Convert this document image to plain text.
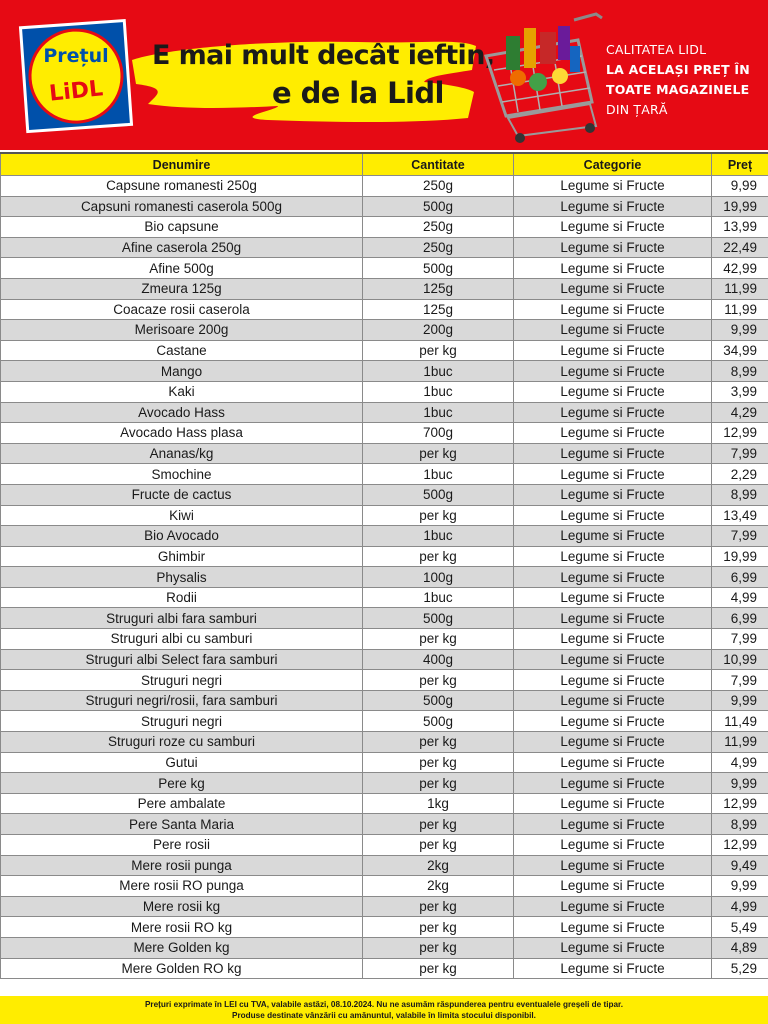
Prețul
LiDL
E mai mult decât ieftin,
e de la Lidl
CALITATEA LIDL
LA ACELAȘI PREȚ ÎN
TOATE MAGAZINELE
DIN ȚARĂ
Denumire	Cantitate	Categorie	Preț
Capsune romanesti 250g	250g	Legume si Fructe	9,99
Capsuni romanesti caserola 500g	500g	Legume si Fructe	19,99
Bio capsune	250g	Legume si Fructe	13,99
Afine caserola 250g	250g	Legume si Fructe	22,49
Afine 500g	500g	Legume si Fructe	42,99
Zmeura 125g	125g	Legume si Fructe	11,99
Coacaze rosii caserola	125g	Legume si Fructe	11,99
Merisoare 200g	200g	Legume si Fructe	9,99
Castane	per kg	Legume si Fructe	34,99
Mango	1buc	Legume si Fructe	8,99
Kaki	1buc	Legume si Fructe	3,99
Avocado Hass	1buc	Legume si Fructe	4,29
Avocado Hass plasa	700g	Legume si Fructe	12,99
Ananas/kg	per kg	Legume si Fructe	7,99
Smochine	1buc	Legume si Fructe	2,29
Fructe de cactus	500g	Legume si Fructe	8,99
Kiwi	per kg	Legume si Fructe	13,49
Bio Avocado	1buc	Legume si Fructe	7,99
Ghimbir	per kg	Legume si Fructe	19,99
Physalis	100g	Legume si Fructe	6,99
Rodii	1buc	Legume si Fructe	4,99
Struguri albi fara samburi	500g	Legume si Fructe	6,99
Struguri albi cu samburi	per kg	Legume si Fructe	7,99
Struguri albi Select fara samburi	400g	Legume si Fructe	10,99
Struguri negri	per kg	Legume si Fructe	7,99
Struguri negri/rosii, fara samburi	500g	Legume si Fructe	9,99
Struguri negri	500g	Legume si Fructe	11,49
Struguri roze cu samburi	per kg	Legume si Fructe	11,99
Gutui	per kg	Legume si Fructe	4,99
Pere kg	per kg	Legume si Fructe	9,99
Pere ambalate	1kg	Legume si Fructe	12,99
Pere Santa Maria	per kg	Legume si Fructe	8,99
Pere rosii	per kg	Legume si Fructe	12,99
Mere rosii punga	2kg	Legume si Fructe	9,49
Mere rosii RO punga	2kg	Legume si Fructe	9,99
Mere rosii kg	per kg	Legume si Fructe	4,99
Mere rosii RO kg	per kg	Legume si Fructe	5,49
Mere Golden kg	per kg	Legume si Fructe	4,89
Mere Golden RO kg	per kg	Legume si Fructe	5,29
Prețuri exprimate în LEI cu TVA, valabile astăzi, 08.10.2024. Nu ne asumăm răspunderea pentru eventualele greșeli de tipar.
Produse destinate vânzării cu amănuntul, valabile în limita stocului disponibil.
